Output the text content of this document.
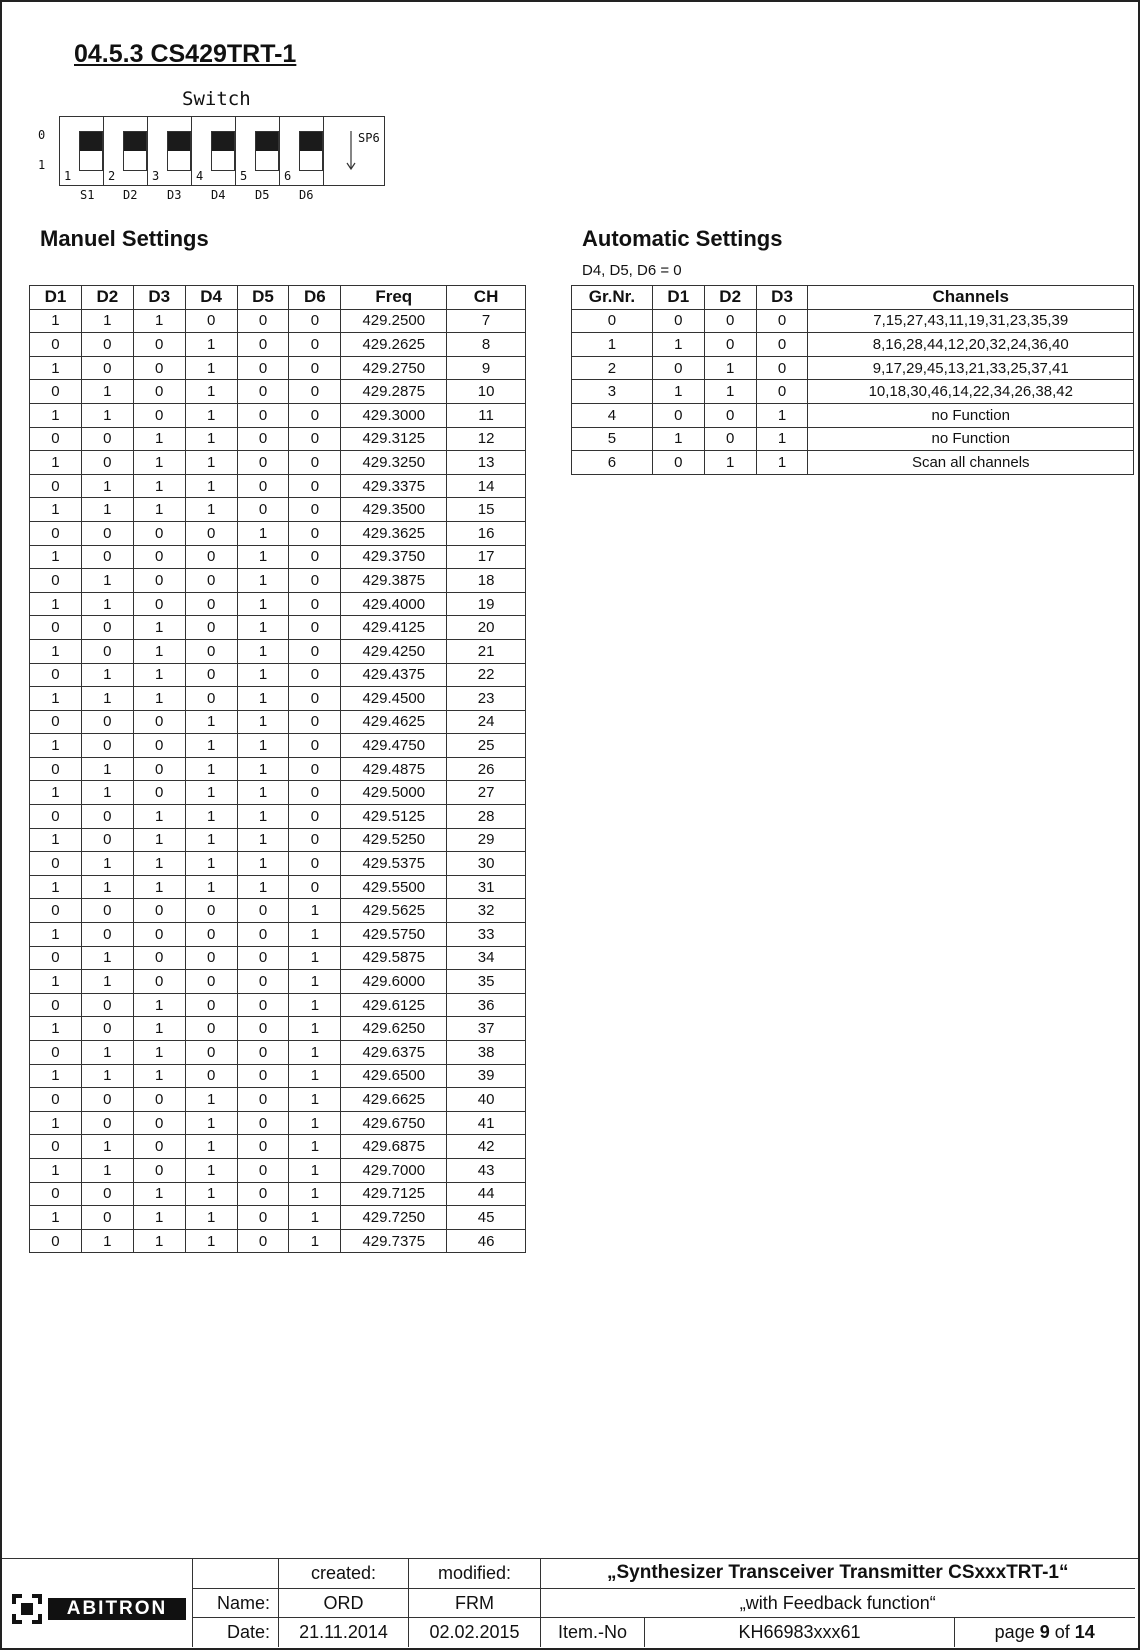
04.5.3 CS429TRT-1
Switch
0
1
1	2	3	4	5	6
SP6
S1 D2 D3 D4 D5 D6
Manuel Settings	Automatic Settings
D4, D5, D6 = 0
D1	D2	D3	D4	D5	D6	Freq	CH
1	1	1	0	0	0	429.2500	7
0	0	0	1	0	0	429.2625	8
1	0	0	1	0	0	429.2750	9
0	1	0	1	0	0	429.2875	10
1	1	0	1	0	0	429.3000	11
0	0	1	1	0	0	429.3125	12
1	0	1	1	0	0	429.3250	13
0	1	1	1	0	0	429.3375	14
1	1	1	1	0	0	429.3500	15
0	0	0	0	1	0	429.3625	16
1	0	0	0	1	0	429.3750	17
0	1	0	0	1	0	429.3875	18
1	1	0	0	1	0	429.4000	19
0	0	1	0	1	0	429.4125	20
1	0	1	0	1	0	429.4250	21
0	1	1	0	1	0	429.4375	22
1	1	1	0	1	0	429.4500	23
0	0	0	1	1	0	429.4625	24
1	0	0	1	1	0	429.4750	25
0	1	0	1	1	0	429.4875	26
1	1	0	1	1	0	429.5000	27
0	0	1	1	1	0	429.5125	28
1	0	1	1	1	0	429.5250	29
0	1	1	1	1	0	429.5375	30
1	1	1	1	1	0	429.5500	31
0	0	0	0	0	1	429.5625	32
1	0	0	0	0	1	429.5750	33
0	1	0	0	0	1	429.5875	34
1	1	0	0	0	1	429.6000	35
0	0	1	0	0	1	429.6125	36
1	0	1	0	0	1	429.6250	37
0	1	1	0	0	1	429.6375	38
1	1	1	0	0	1	429.6500	39
0	0	0	1	0	1	429.6625	40
1	0	0	1	0	1	429.6750	41
0	1	0	1	0	1	429.6875	42
1	1	0	1	0	1	429.7000	43
0	0	1	1	0	1	429.7125	44
1	0	1	1	0	1	429.7250	45
0	1	1	1	0	1	429.7375	46
Gr.Nr.	D1	D2	D3	Channels
0	0	0	0	7,15,27,43,11,19,31,23,35,39
1	1	0	0	8,16,28,44,12,20,32,24,36,40
2	0	1	0	9,17,29,45,13,21,33,25,37,41
3	1	1	0	10,18,30,46,14,22,34,26,38,42
4	0	0	1	no Function
5	1	0	1	no Function
6	0	1	1	Scan all channels
ABITRON
	created:	modified:	„Synthesizer Transceiver Transmitter CSxxxTRT-1“		
Name:	ORD	FRM	„with Feedback function“		
Date:	21.11.2014	02.02.2015	Item.-No	KH66983xxx61	page 9 of 14
